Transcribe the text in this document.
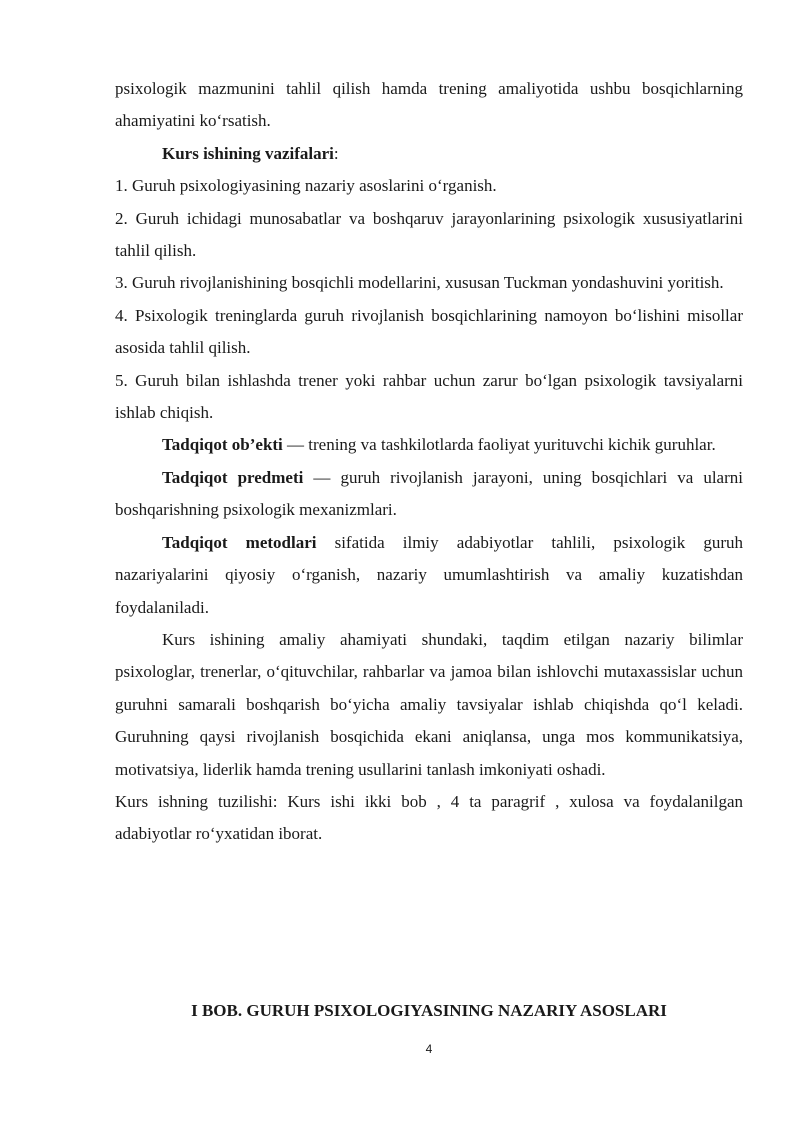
psixologik mazmunini tahlil qilish hamda trening amaliyotida ushbu bosqichlarning ahamiyatini ko‘rsatish.

Kurs ishining vazifalari:

1. Guruh psixologiyasining nazariy asoslarini o‘rganish.

2. Guruh ichidagi munosabatlar va boshqaruv jarayonlarining psixologik xususiyatlarini tahlil qilish.

3. Guruh rivojlanishining bosqichli modellarini, xususan Tuckman yondashuvini yoritish.

4. Psixologik treninglarda guruh rivojlanish bosqichlarining namoyon bo‘lishini misollar asosida tahlil qilish.

5. Guruh bilan ishlashda trener yoki rahbar uchun zarur bo‘lgan psixologik tavsiyalarni ishlab chiqish.

Tadqiqot ob’ekti — trening va tashkilotlarda faoliyat yurituvchi kichik guruhlar.

Tadqiqot predmeti — guruh rivojlanish jarayoni, uning bosqichlari va ularni boshqarishning psixologik mexanizmlari.

Tadqiqot metodlari sifatida ilmiy adabiyotlar tahlili, psixologik guruh nazariyalarini qiyosiy o‘rganish, nazariy umumlashtirish va amaliy kuzatishdan foydalaniladi.

Kurs ishining amaliy ahamiyati shundaki, taqdim etilgan nazariy bilimlar psixologlar, trenerlar, o‘qituvchilar, rahbarlar va jamoa bilan ishlovchi mutaxassislar uchun guruhni samarali boshqarish bo‘yicha amaliy tavsiyalar ishlab chiqishda qo‘l keladi. Guruhning qaysi rivojlanish bosqichida ekani aniqlansa, unga mos kommunikatsiya, motivatsiya, liderlik hamda trening usullarini tanlash imkoniyati oshadi.

Kurs ishning tuzilishi: Kurs ishi ikki bob , 4 ta paragrif , xulosa va foydalanilgan adabiyotlar ro‘yxatidan iborat.

I BOB. GURUH PSIXOLOGIYASINING NAZARIY ASOSLARI

4
